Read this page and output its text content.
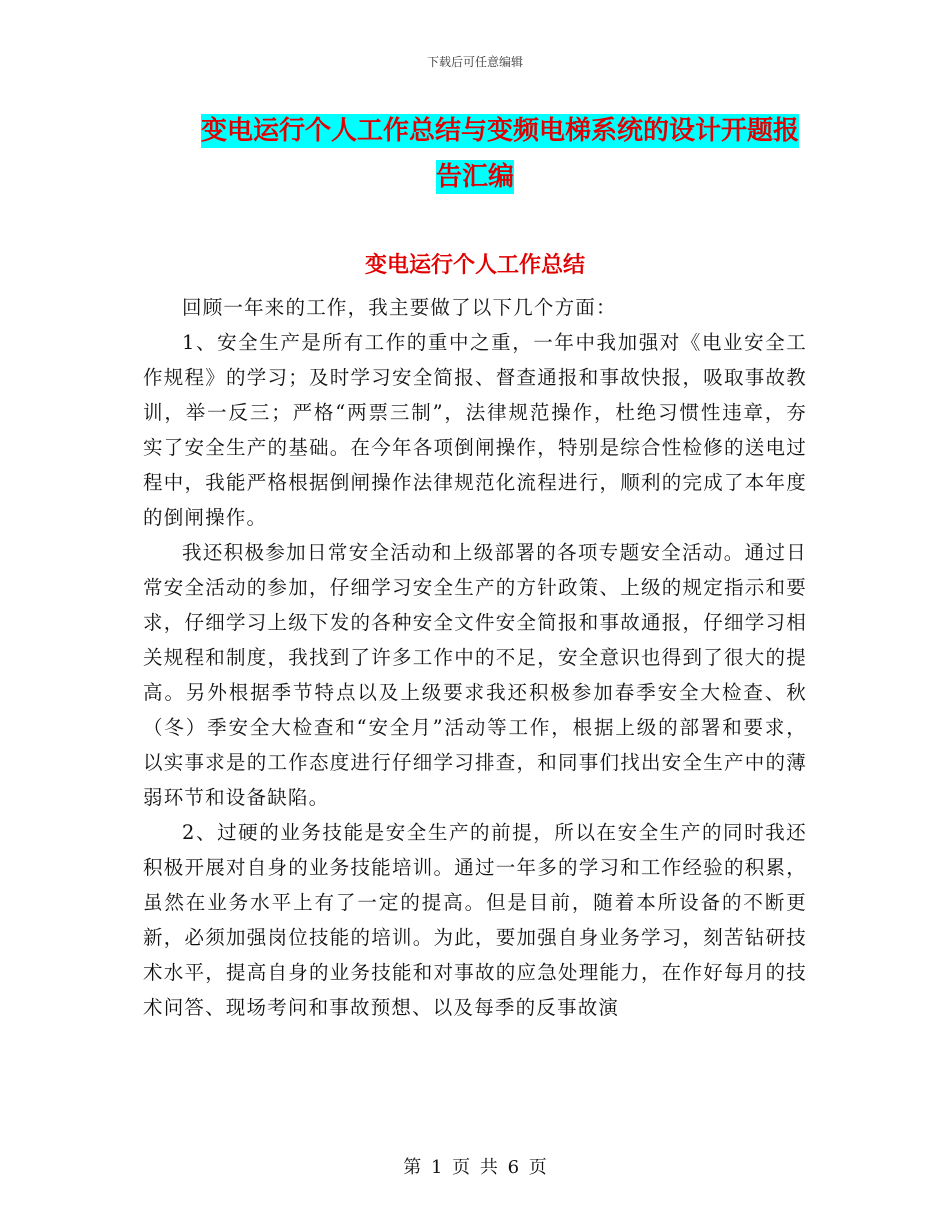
下载后可任意编辑
变电运行个人工作总结与变频电梯系统的设计开题报
告汇编
变电运行个人工作总结

回顾一年来的工作，我主要做了以下几个方面：

1、安全生产是所有工作的重中之重，一年中我加强对《电业安全工作规程》的学习；及时学习安全简报、督查通报和事故快报，吸取事故教训，举一反三；严格“两票三制”，法律规范操作，杜绝习惯性违章，夯实了安全生产的基础。在今年各项倒闸操作，特别是综合性检修的送电过程中，我能严格根据倒闸操作法律规范化流程进行，顺利的完成了本年度的倒闸操作。

我还积极参加日常安全活动和上级部署的各项专题安全活动。通过日常安全活动的参加，仔细学习安全生产的方针政策、上级的规定指示和要求，仔细学习上级下发的各种安全文件安全简报和事故通报，仔细学习相关规程和制度，我找到了许多工作中的不足，安全意识也得到了很大的提高。另外根据季节特点以及上级要求我还积极参加春季安全大检查、秋（冬）季安全大检查和“安全月”活动等工作，根据上级的部署和要求，以实事求是的工作态度进行仔细学习排查，和同事们找出安全生产中的薄弱环节和设备缺陷。

2、过硬的业务技能是安全生产的前提，所以在安全生产的同时我还积极开展对自身的业务技能培训。通过一年多的学习和工作经验的积累，虽然在业务水平上有了一定的提高。但是目前，随着本所设备的不断更新，必须加强岗位技能的培训。为此，要加强自身业务学习，刻苦钻研技术水平，提高自身的业务技能和对事故的应急处理能力，在作好每月的技术问答、现场考问和事故预想、以及每季的反事故演

第 1 页 共 6 页
